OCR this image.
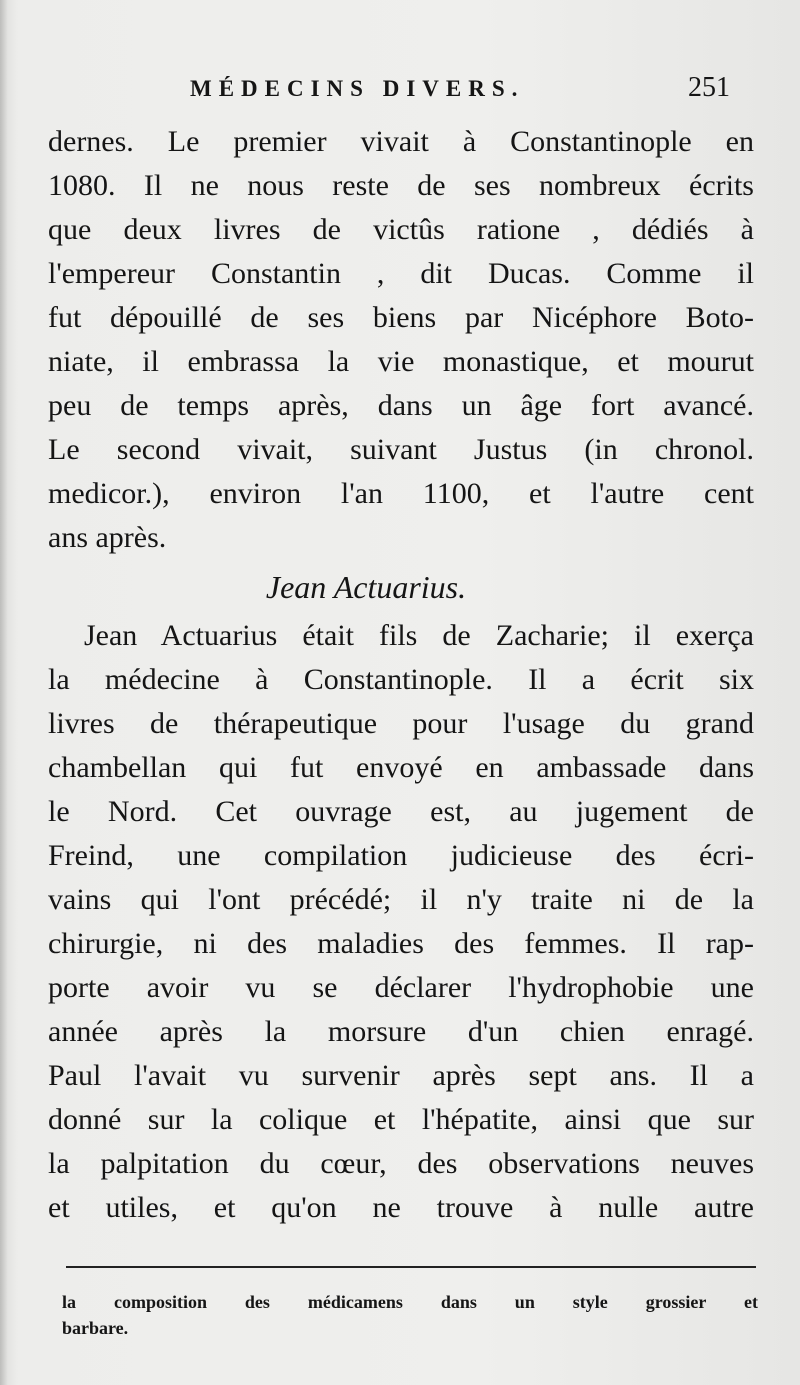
MÉDECINS DIVERS.	251
dernes. Le premier vivait à Constantinople en
1080. Il ne nous reste de ses nombreux écrits
que deux livres de victûs ratione , dédiés à
l'empereur Constantin , dit Ducas. Comme il
fut dépouillé de ses biens par Nicéphore Boto-
niate, il embrassa la vie monastique, et mourut
peu de temps après, dans un âge fort avancé.
Le second vivait, suivant Justus (in chronol.
medicor.), environ l'an 1100, et l'autre cent
ans après.
Jean Actuarius.
Jean Actuarius était fils de Zacharie; il exerça
la médecine à Constantinople. Il a écrit six
livres de thérapeutique pour l'usage du grand
chambellan qui fut envoyé en ambassade dans
le Nord. Cet ouvrage est, au jugement de
Freind, une compilation judicieuse des écri-
vains qui l'ont précédé; il n'y traite ni de la
chirurgie, ni des maladies des femmes. Il rap-
porte avoir vu se déclarer l'hydrophobie une
année après la morsure d'un chien enragé.
Paul l'avait vu survenir après sept ans. Il a
donné sur la colique et l'hépatite, ainsi que sur
la palpitation du cœur, des observations neuves
et utiles, et qu'on ne trouve à nulle autre
la composition des médicamens dans un style grossier et
barbare.
